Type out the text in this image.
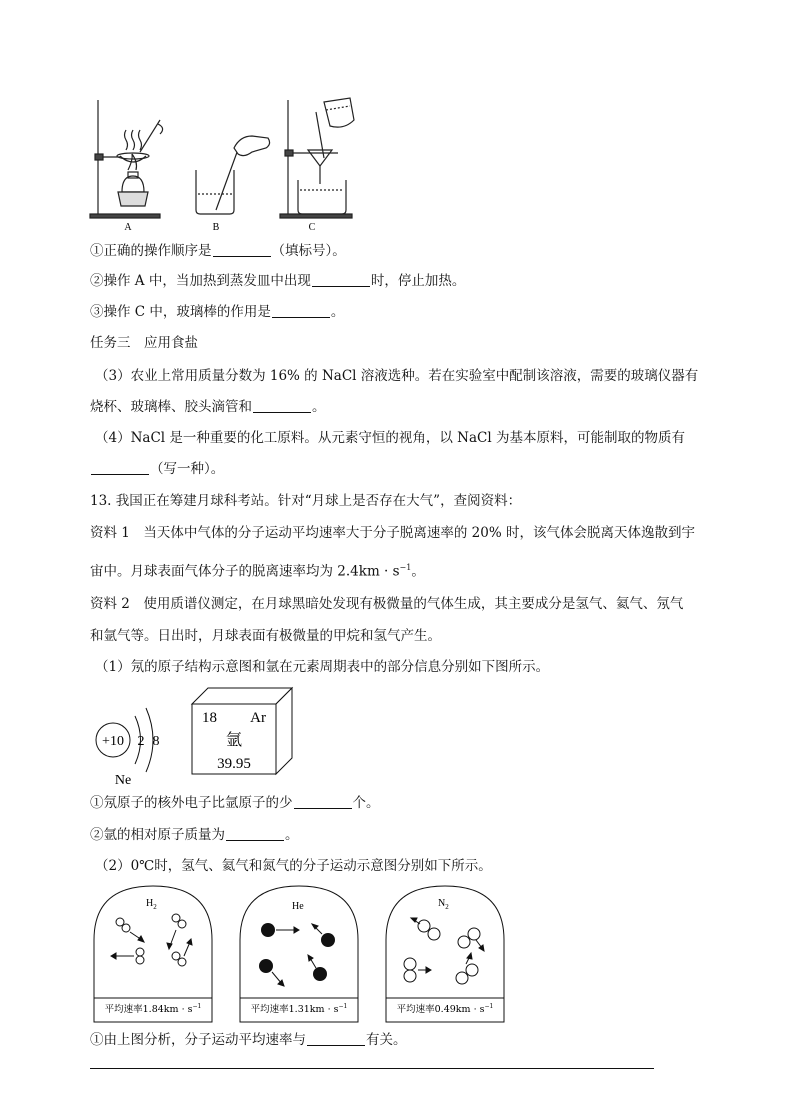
A	B	C
①正确的操作顺序是	（填标号）。
②操作 A 中，当加热到蒸发皿中出现	时，停止加热。
③操作 C 中，玻璃棒的作用是	。
任务三　应用食盐
（3）农业上常用质量分数为 16% 的 NaCl 溶液选种。若在实验室中配制该溶液，需要的玻璃仪器有
烧杯、玻璃棒、胶头滴管和	。
（4）NaCl 是一种重要的化工原料。从元素守恒的视角，以 NaCl 为基本原料，可能制取的物质有
（写一种）。
13. 我国正在筹建月球科考站。针对“月球上是否存在大气”，查阅资料：
资料 1　当天体中气体的分子运动平均速率大于分子脱离速率的 20% 时，该气体会脱离天体逸散到宇
宙中。月球表面气体分子的脱离速率均为 $2.4km \cdot s^{-1}$。
资料 2　使用质谱仪测定，在月球黑暗处发现有极微量的气体生成，其主要成分是氢气、氦气、氖气
和氩气等。日出时，月球表面有极微量的甲烷和氢气产生。
（1）氖的原子结构示意图和氩在元素周期表中的部分信息分别如下图所示。
+10 2 8
Ne
18 Ar
氩
39.95
①氖原子的核外电子比氩原子的少	个。
②氩的相对原子质量为	。
（2）0℃时，氢气、氦气和氮气的分子运动示意图分别如下所示。
$H_2$
平均速率$1.84km \cdot s^{-1}$
He
平均速率$1.31km \cdot s^{-1}$
$N_2$
平均速率$0.49km \cdot s^{-1}$
①由上图分析，分子运动平均速率与	有关。
